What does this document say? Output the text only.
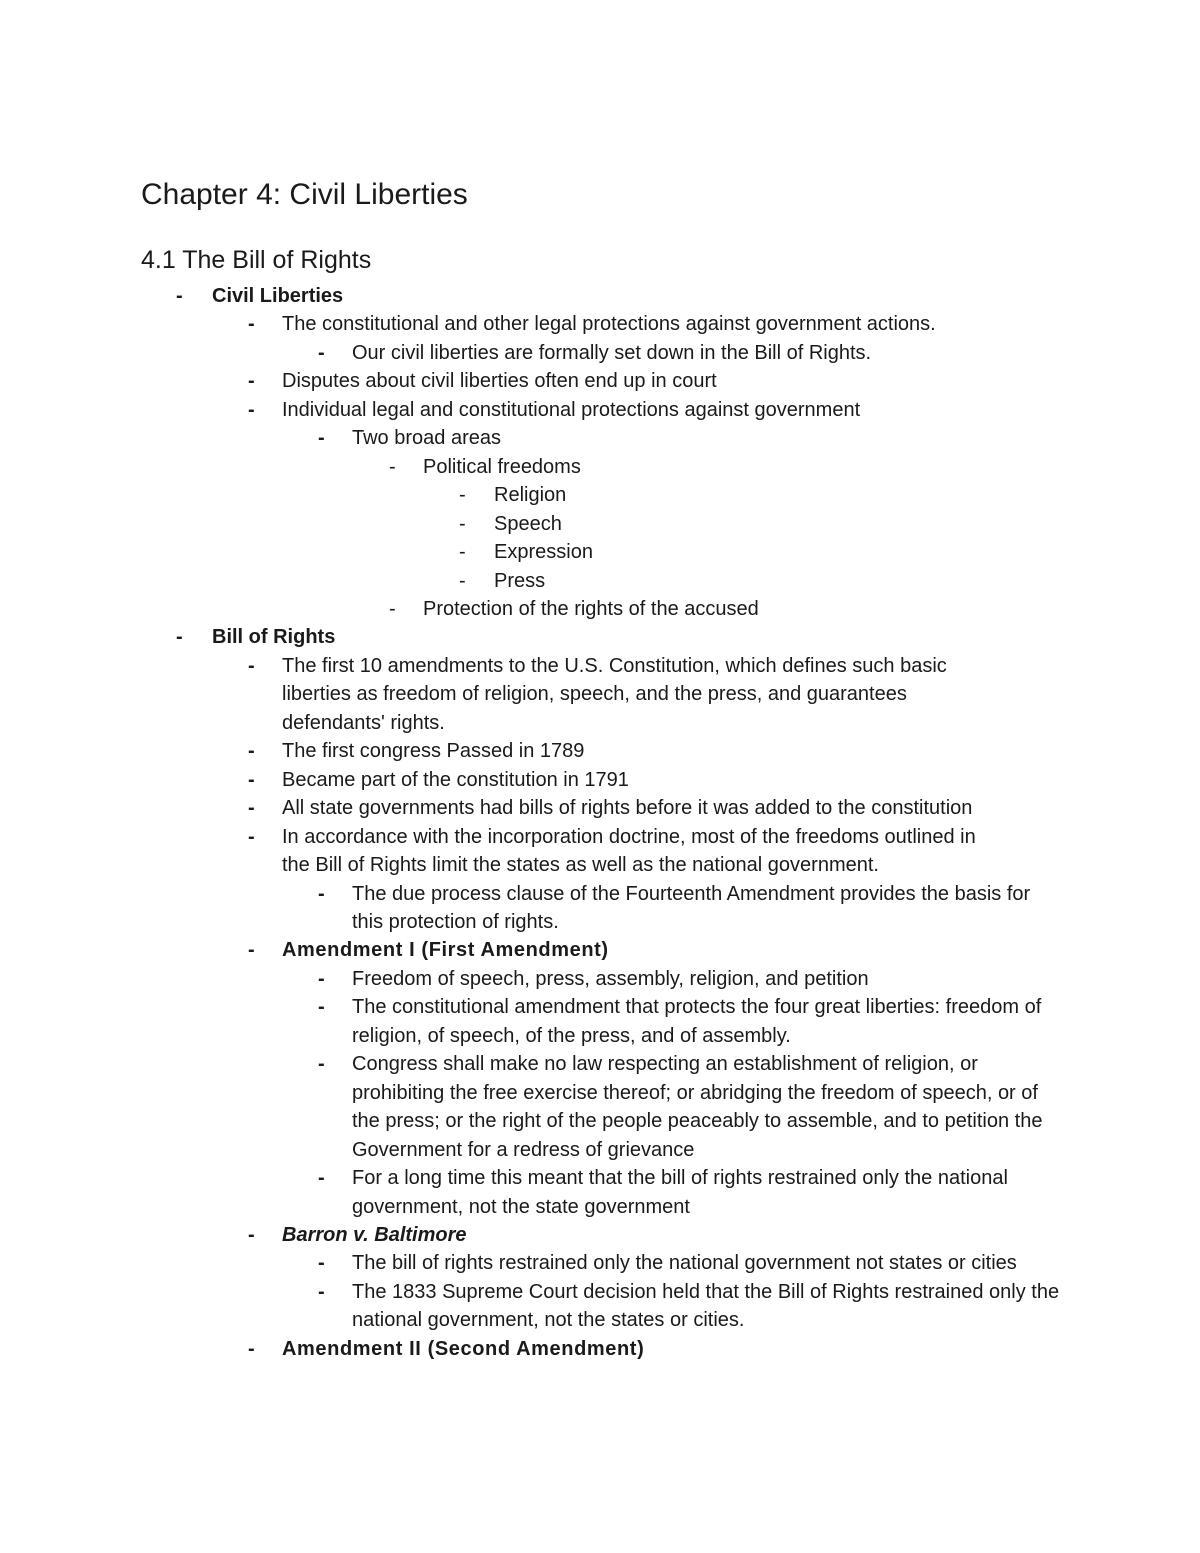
Chapter 4: Civil Liberties
4.1 The Bill of Rights
- Civil Liberties
- The constitutional and other legal protections against government actions.
- Our civil liberties are formally set down in the Bill of Rights.
- Disputes about civil liberties often end up in court
- Individual legal and constitutional protections against government
- Two broad areas
- Political freedoms
- Religion
- Speech
- Expression
- Press
- Protection of the rights of the accused
- Bill of Rights
- The first 10 amendments to the U.S. Constitution, which defines such basic liberties as freedom of religion, speech, and the press, and guarantees defendants' rights.
- The first congress Passed in 1789
- Became part of the constitution in 1791
- All state governments had bills of rights before it was added to the constitution
- In accordance with the incorporation doctrine, most of the freedoms outlined in the Bill of Rights limit the states as well as the national government.
- The due process clause of the Fourteenth Amendment provides the basis for this protection of rights.
- Amendment I (First Amendment)
- Freedom of speech, press, assembly, religion, and petition
- The constitutional amendment that protects the four great liberties: freedom of religion, of speech, of the press, and of assembly.
- Congress shall make no law respecting an establishment of religion, or prohibiting the free exercise thereof; or abridging the freedom of speech, or of the press; or the right of the people peaceably to assemble, and to petition the Government for a redress of grievance
- For a long time this meant that the bill of rights restrained only the national government, not the state government
- Barron v. Baltimore
- The bill of rights restrained only the national government not states or cities
- The 1833 Supreme Court decision held that the Bill of Rights restrained only the national government, not the states or cities.
- Amendment II (Second Amendment)
